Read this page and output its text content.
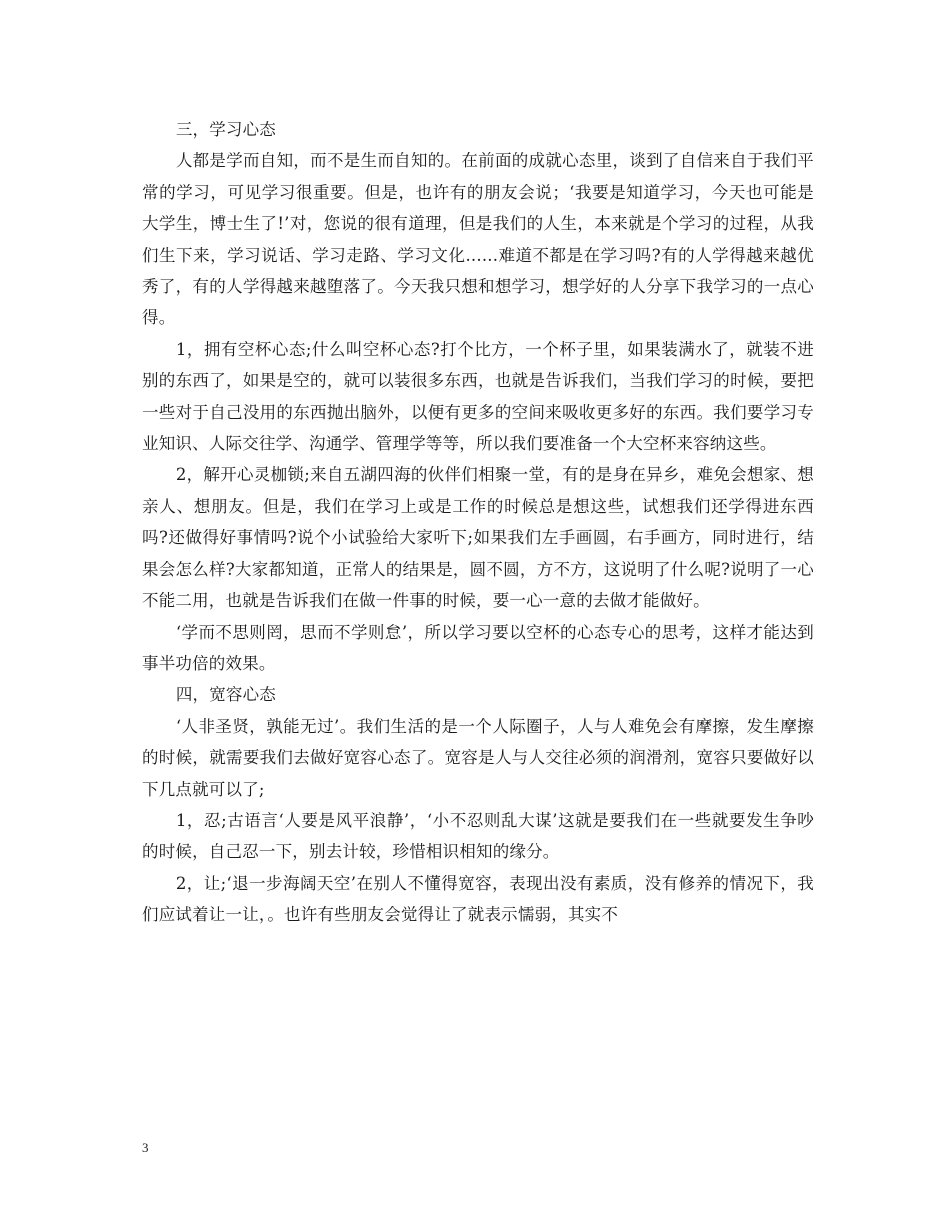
三，学习心态

人都是学而自知，而不是生而自知的。在前面的成就心态里，谈到了自信来自于我们平常的学习，可见学习很重要。但是，也许有的朋友会说；‘我要是知道学习，今天也可能是大学生，博士生了!’对，您说的很有道理，但是我们的人生，本来就是个学习的过程，从我们生下来，学习说话、学习走路、学习文化......难道不都是在学习吗?有的人学得越来越优秀了，有的人学得越来越堕落了。今天我只想和想学习，想学好的人分享下我学习的一点心得。

1，拥有空杯心态;什么叫空杯心态?打个比方，一个杯子里，如果装满水了，就装不进别的东西了，如果是空的，就可以装很多东西，也就是告诉我们，当我们学习的时候，要把一些对于自己没用的东西抛出脑外，以便有更多的空间来吸收更多好的东西。我们要学习专业知识、人际交往学、沟通学、管理学等等，所以我们要准备一个大空杯来容纳这些。

2，解开心灵枷锁;来自五湖四海的伙伴们相聚一堂，有的是身在异乡，难免会想家、想亲人、想朋友。但是，我们在学习上或是工作的时候总是想这些，试想我们还学得进东西吗?还做得好事情吗?说个小试验给大家听下;如果我们左手画圆，右手画方，同时进行，结果会怎么样?大家都知道，正常人的结果是，圆不圆，方不方，这说明了什么呢?说明了一心不能二用，也就是告诉我们在做一件事的时候，要一心一意的去做才能做好。

‘学而不思则罔，思而不学则怠’，所以学习要以空杯的心态专心的思考，这样才能达到事半功倍的效果。

四，宽容心态

‘人非圣贤，孰能无过’。我们生活的是一个人际圈子，人与人难免会有摩擦，发生摩擦的时候，就需要我们去做好宽容心态了。宽容是人与人交往必须的润滑剂，宽容只要做好以下几点就可以了;

1，忍;古语言‘人要是风平浪静’，‘小不忍则乱大谋’这就是要我们在一些就要发生争吵的时候，自己忍一下，别去计较，珍惜相识相知的缘分。

2，让;‘退一步海阔天空’在别人不懂得宽容，表现出没有素质，没有修养的情况下，我们应试着让一让，。也许有些朋友会觉得让了就表示懦弱，其实不

3
